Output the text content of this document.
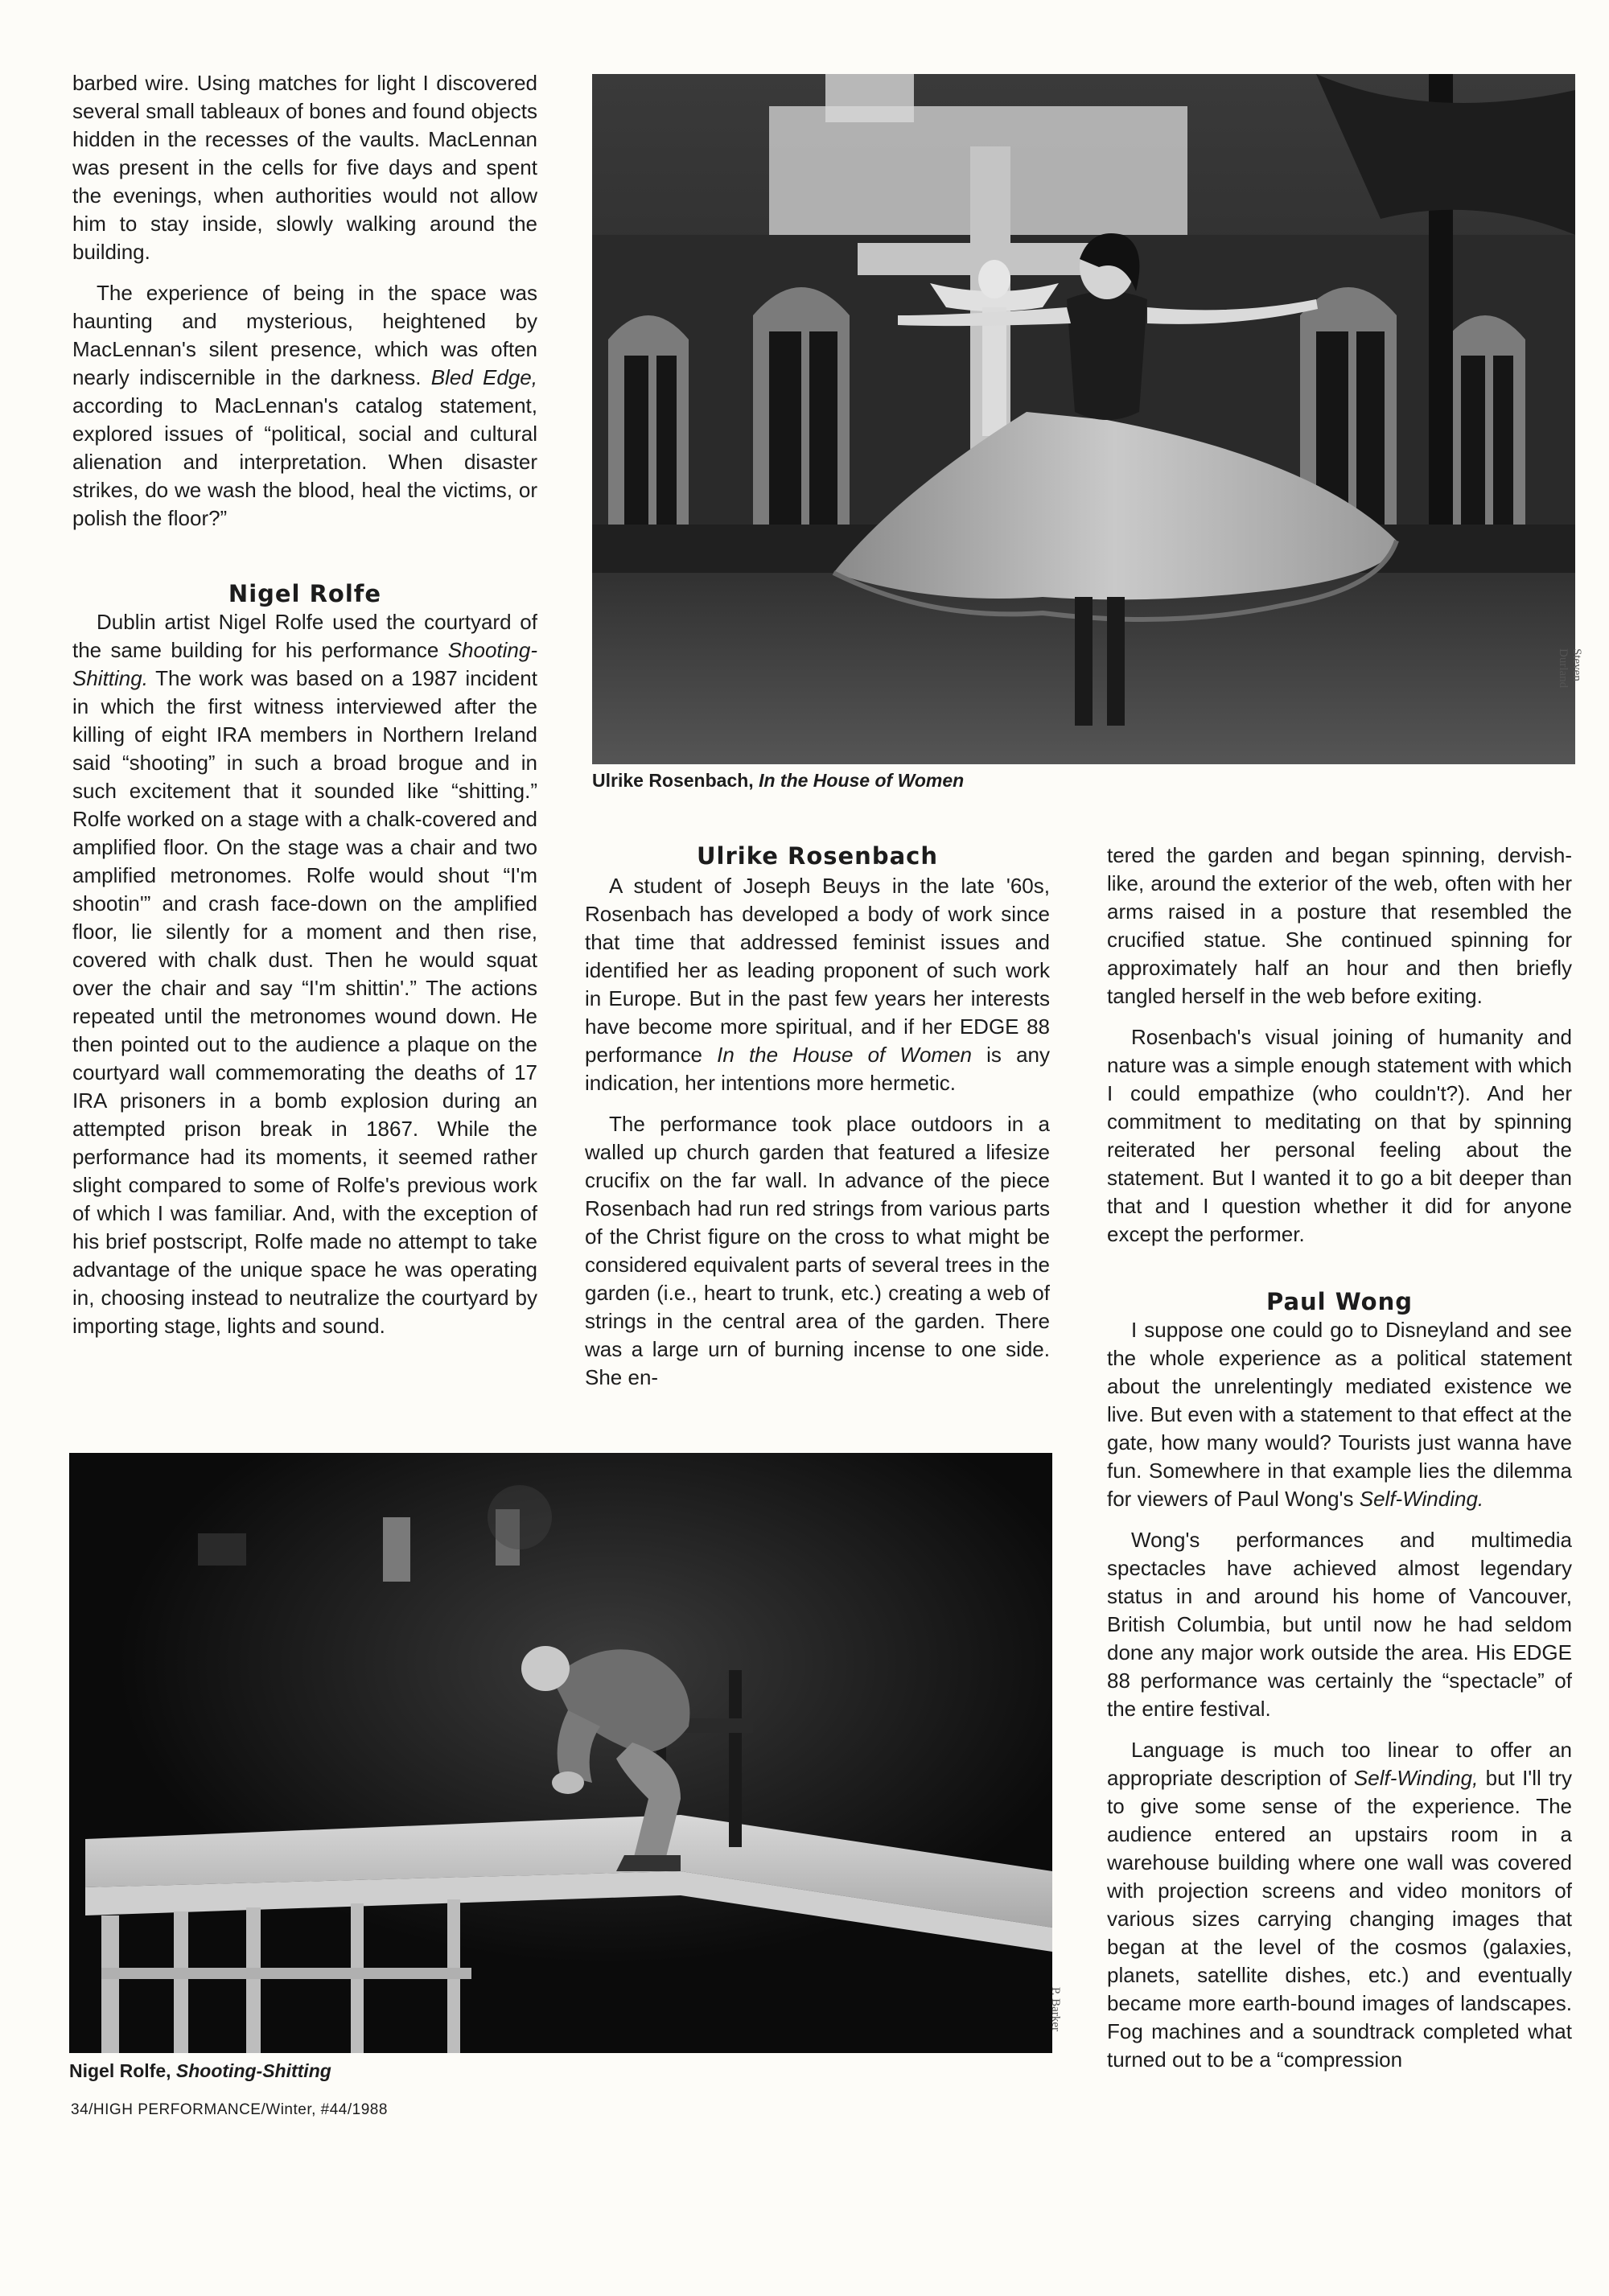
barbed wire. Using matches for light I discovered several small tableaux of bones and found objects hidden in the recesses of the vaults. MacLennan was present in the cells for five days and spent the evenings, when authorities would not allow him to stay inside, slowly walking around the building.

The experience of being in the space was haunting and mysterious, heightened by MacLennan's silent presence, which was often nearly indiscernible in the darkness. Bled Edge, according to MacLennan's catalog statement, explored issues of “political, social and cultural alienation and interpretation. When disaster strikes, do we wash the blood, heal the victims, or polish the floor?”

Nigel Rolfe

Dublin artist Nigel Rolfe used the courtyard of the same building for his performance Shooting-Shitting. The work was based on a 1987 incident in which the first witness interviewed after the killing of eight IRA members in Northern Ireland said “shooting” in such a broad brogue and in such excitement that it sounded like “shitting.” Rolfe worked on a stage with a chalk-covered and amplified floor. On the stage was a chair and two amplified metronomes. Rolfe would shout “I'm shootin'” and crash face-down on the amplified floor, lie silently for a moment and then rise, covered with chalk dust. Then he would squat over the chair and say “I'm shittin'.” The actions repeated until the metronomes wound down. He then pointed out to the audience a plaque on the courtyard wall commemorating the deaths of 17 IRA prisoners in a bomb explosion during an attempted prison break in 1867. While the performance had its moments, it seemed rather slight compared to some of Rolfe's previous work of which I was familiar. And, with the exception of his brief postscript, Rolfe made no attempt to take advantage of the unique space he was operating in, choosing instead to neutralize the courtyard by importing stage, lights and sound.

Steven Durland
Ulrike Rosenbach, In the House of Women
Ulrike Rosenbach

A student of Joseph Beuys in the late '60s, Rosenbach has developed a body of work since that time that addressed feminist issues and identified her as leading proponent of such work in Europe. But in the past few years her interests have become more spiritual, and if her EDGE 88 performance In the House of Women is any indication, her intentions more hermetic.

The performance took place outdoors in a walled up church garden that featured a lifesize crucifix on the far wall. In advance of the piece Rosenbach had run red strings from various parts of the Christ figure on the cross to what might be considered equivalent parts of several trees in the garden (i.e., heart to trunk, etc.) creating a web of strings in the central area of the garden. There was a large urn of burning incense to one side. She en-

tered the garden and began spinning, dervish-like, around the exterior of the web, often with her arms raised in a posture that resembled the crucified statue. She continued spinning for approximately half an hour and then briefly tangled herself in the web before exiting.

Rosenbach's visual joining of humanity and nature was a simple enough statement with which I could empathize (who couldn't?). And her commitment to meditating on that by spinning reiterated her personal feeling about the statement. But I wanted it to go a bit deeper than that and I question whether it did for anyone except the performer.

Paul Wong

I suppose one could go to Disneyland and see the whole experience as a political statement about the unrelentingly mediated existence we live. But even with a statement to that effect at the gate, how many would? Tourists just wanna have fun. Somewhere in that example lies the dilemma for viewers of Paul Wong's Self-Winding.

Wong's performances and multimedia spectacles have achieved almost legendary status in and around his home of Vancouver, British Columbia, but until now he had seldom done any major work outside the area. His EDGE 88 performance was certainly the “spectacle” of the entire festival.

Language is much too linear to offer an appropriate description of Self-Winding, but I'll try to give some sense of the experience. The audience entered an upstairs room in a warehouse building where one wall was covered with projection screens and video monitors of various sizes carrying changing images that began at the level of the cosmos (galaxies, planets, satellite dishes, etc.) and eventually became more earth-bound images of landscapes. Fog machines and a soundtrack completed what turned out to be a “compression

P. Barker
Nigel Rolfe, Shooting-Shitting
34/HIGH PERFORMANCE/Winter, #44/1988
